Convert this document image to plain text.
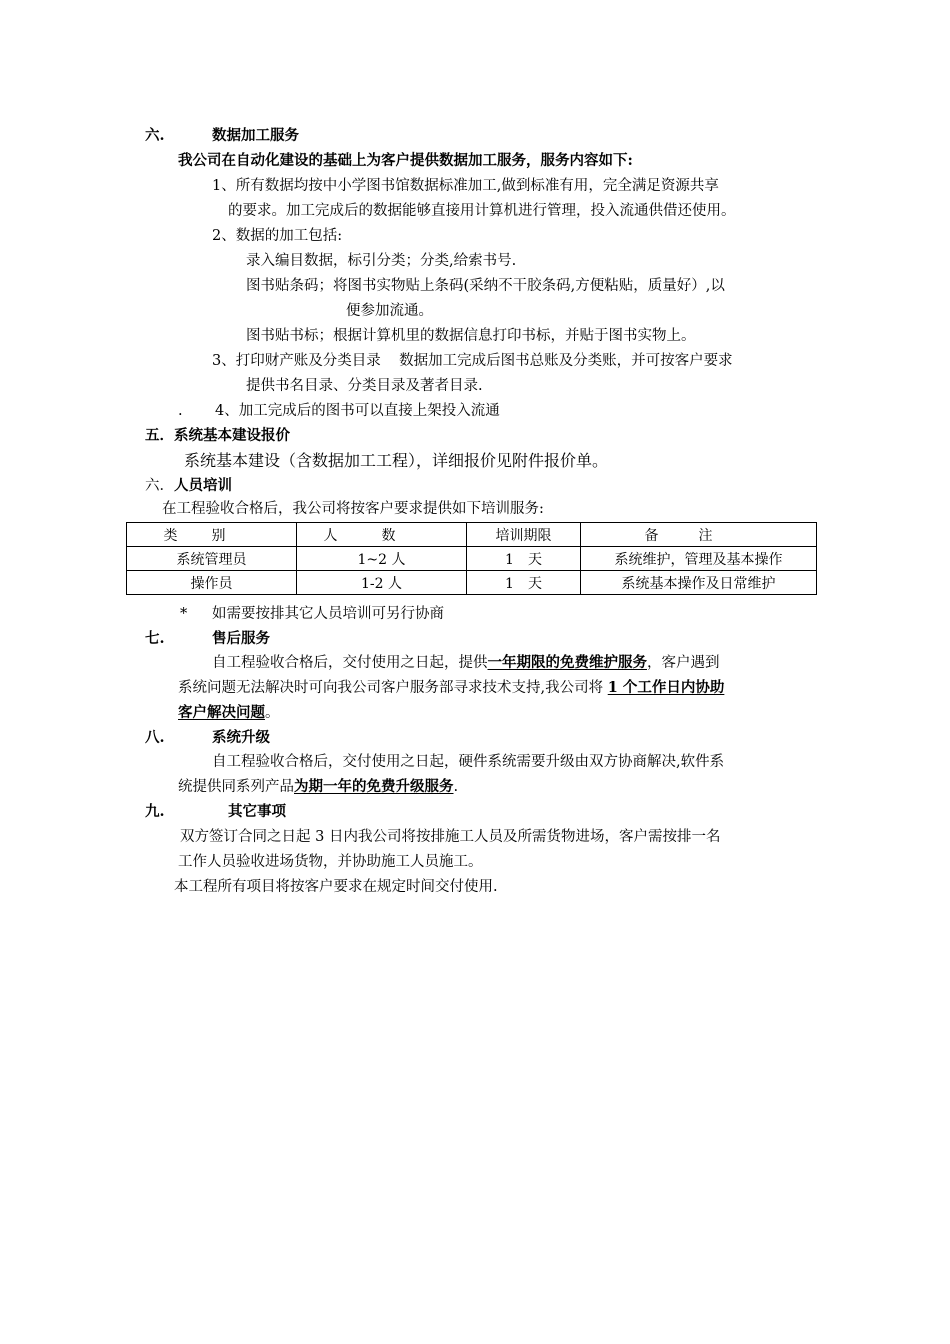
六.	数据加工服务
我公司在自动化建设的基础上为客户提供数据加工服务，服务内容如下:
1、所有数据均按中小学图书馆数据标准加工,做到标准有用，完全满足资源共享
的要求。加工完成后的数据能够直接用计算机进行管理，投入流通供借还使用。
2、数据的加工包括:
录入编目数据，标引分类；分类,给索书号.
图书贴条码；将图书实物贴上条码(采纳不干胶条码,方便粘贴，质量好）,以
便参加流通。
图书贴书标；根据计算机里的数据信息打印书标，并贴于图书实物上。
3、打印财产账及分类目录    数据加工完成后图书总账及分类账，并可按客户要求
提供书名目录、分类目录及著者目录.
. 4、加工完成后的图书可以直接上架投入流通
五．系统基本建设报价
系统基本建设（含数据加工工程），详细报价见附件报价单。
六．人员培训
在工程验收合格后，我公司将按客户要求提供如下培训服务:
类别	人数	培训期限	备注
系统管理员	1~2 人	1　天	系统维护，管理及基本操作
操作员	1-2 人	1　天	系统基本操作及日常维护
* 如需要按排其它人员培训可另行协商
七.	售后服务
自工程验收合格后，交付使用之日起，提供一年期限的免费维护服务，客户遇到
系统问题无法解决时可向我公司客户服务部寻求技术支持,我公司将 1 个工作日内协助
客户解决问题。
八.	系统升级
自工程验收合格后，交付使用之日起，硬件系统需要升级由双方协商解决,软件系
统提供同系列产品为期一年的免费升级服务.
九.	其它事项
双方签订合同之日起 3 日内我公司将按排施工人员及所需货物进场，客户需按排一名
工作人员验收进场货物，并协助施工人员施工。
本工程所有项目将按客户要求在规定时间交付使用.
